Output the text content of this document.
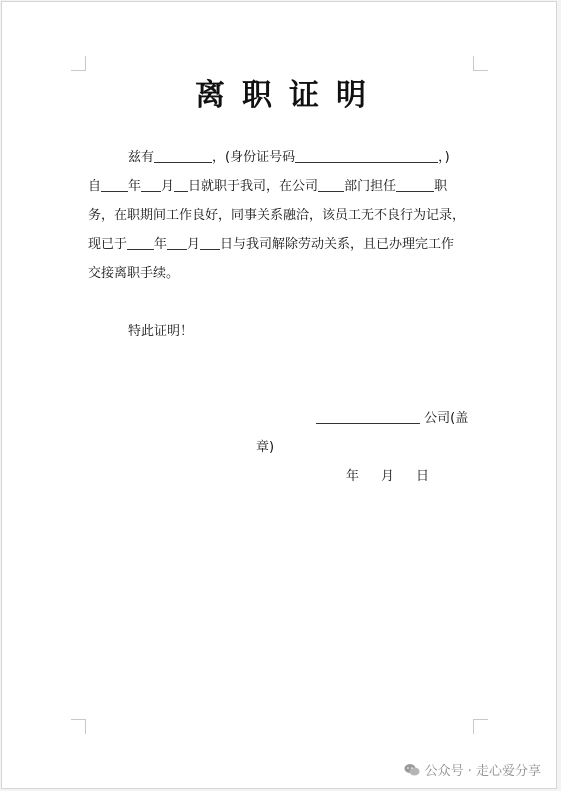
离职证明
兹有	，(身份证号码	，)
自 年 月 日就职于我司，在公司 部门担任	职
务，在职期间工作良好，同事关系融洽，该员工无不良行为记录，
现已于 年 月 日与我司解除劳动关系，且已办理完工作
交接离职手续。
特此证明！
公司(盖
章)
年 月 日
公众号 · 走心爱分享
